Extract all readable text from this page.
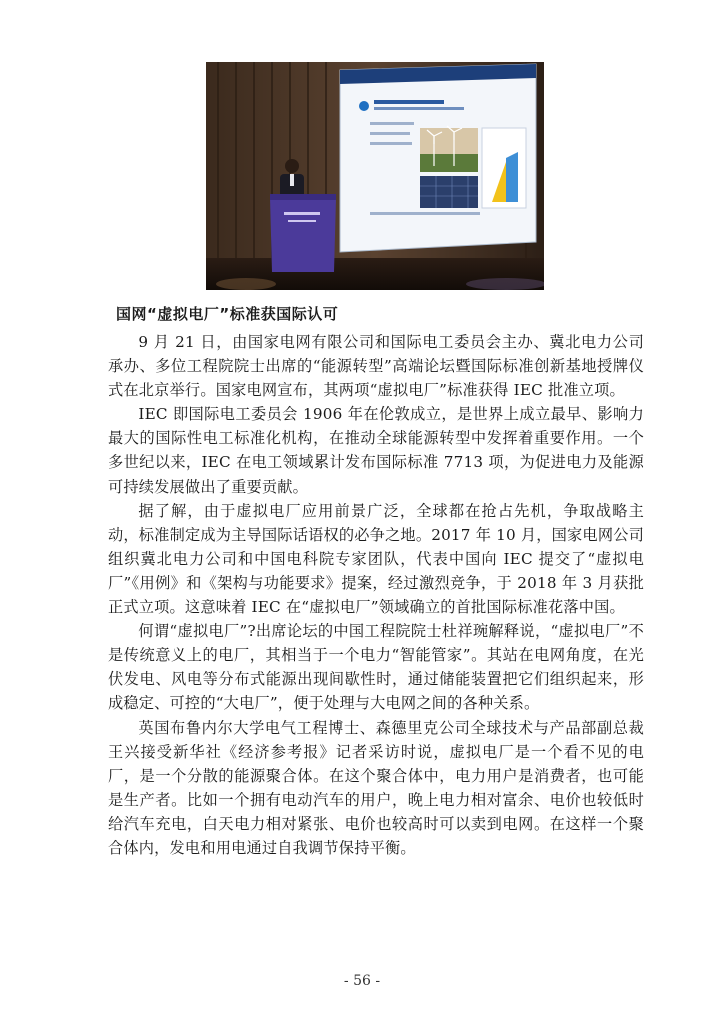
国网“虚拟电厂”标准获国际认可

9 月 21 日，由国家电网有限公司和国际电工委员会主办、冀北电力公司承办、多位工程院院士出席的“能源转型”高端论坛暨国际标准创新基地授牌仪式在北京举行。国家电网宣布，其两项“虚拟电厂”标准获得 IEC 批准立项。

IEC 即国际电工委员会 1906 年在伦敦成立，是世界上成立最早、影响力最大的国际性电工标准化机构，在推动全球能源转型中发挥着重要作用。一个多世纪以来，IEC 在电工领域累计发布国际标准 7713 项，为促进电力及能源可持续发展做出了重要贡献。

据了解，由于虚拟电厂应用前景广泛，全球都在抢占先机，争取战略主动，标准制定成为主导国际话语权的必争之地。2017 年 10 月，国家电网公司组织冀北电力公司和中国电科院专家团队，代表中国向 IEC 提交了“虚拟电厂”《用例》和《架构与功能要求》提案，经过激烈竞争，于 2018 年 3 月获批正式立项。这意味着 IEC 在“虚拟电厂”领域确立的首批国际标准花落中国。

何谓“虚拟电厂”?出席论坛的中国工程院院士杜祥琬解释说，“虚拟电厂”不是传统意义上的电厂，其相当于一个电力“智能管家”。其站在电网角度，在光伏发电、风电等分布式能源出现间歇性时，通过储能装置把它们组织起来，形成稳定、可控的“大电厂”，便于处理与大电网之间的各种关系。

英国布鲁内尔大学电气工程博士、森德里克公司全球技术与产品部副总裁王兴接受新华社《经济参考报》记者采访时说，虚拟电厂是一个看不见的电厂，是一个分散的能源聚合体。在这个聚合体中，电力用户是消费者，也可能是生产者。比如一个拥有电动汽车的用户，晚上电力相对富余、电价也较低时给汽车充电，白天电力相对紧张、电价也较高时可以卖到电网。在这样一个聚合体内，发电和用电通过自我调节保持平衡。

- 56 -
